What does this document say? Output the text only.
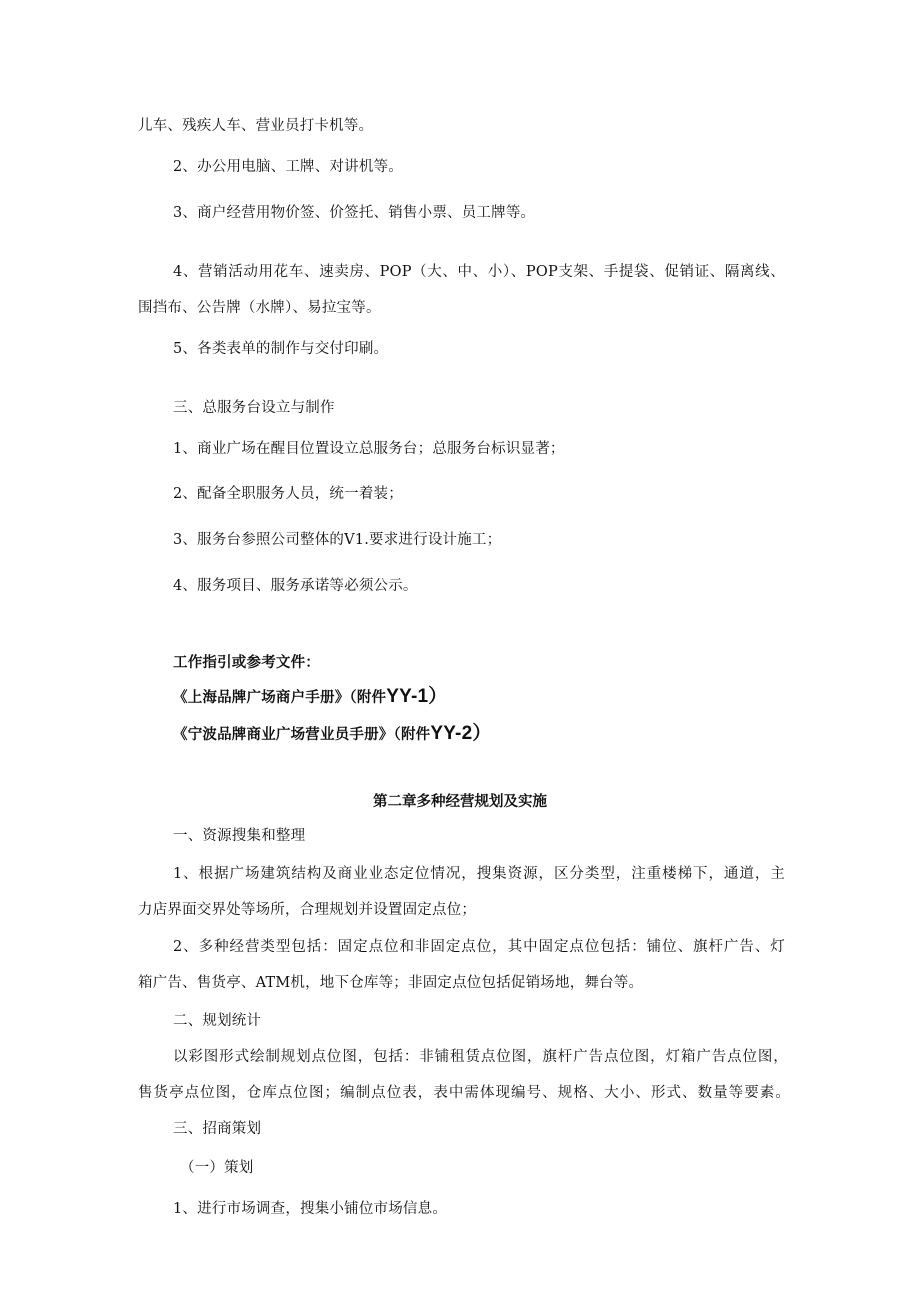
儿车、残疾人车、营业员打卡机等。
2、办公用电脑、工牌、对讲机等。
3、商户经营用物价签、价签托、销售小票、员工牌等。
4、营销活动用花车、速卖房、POP（大、中、小）、POP支架、手提袋、促销证、隔离线、
围挡布、公告牌（水牌）、易拉宝等。
5、各类表单的制作与交付印刷。
三、总服务台设立与制作
1、商业广场在醒目位置设立总服务台；总服务台标识显著；
2、配备全职服务人员，统一着装；
3、服务台参照公司整体的V1.要求进行设计施工；
4、服务项目、服务承诺等必须公示。
工作指引或参考文件：
《上海品牌广场商户手册》（附件YY-1）
《宁波品牌商业广场营业员手册》（附件YY-2）
第二章多种经营规划及实施
一、资源搜集和整理
1、根据广场建筑结构及商业业态定位情况，搜集资源，区分类型，注重楼梯下，通道，主
力店界面交界处等场所，合理规划并设置固定点位；
2、多种经营类型包括：固定点位和非固定点位，其中固定点位包括：铺位、旗杆广告、灯
箱广告、售货亭、ATM机，地下仓库等；非固定点位包括促销场地，舞台等。
二、规划统计
以彩图形式绘制规划点位图，包括：非铺租赁点位图，旗杆广告点位图，灯箱广告点位图，
售货亭点位图，仓库点位图；编制点位表，表中需体现编号、规格、大小、形式、数量等要素。
三、招商策划
（一）策划
1、进行市场调查，搜集小铺位市场信息。
